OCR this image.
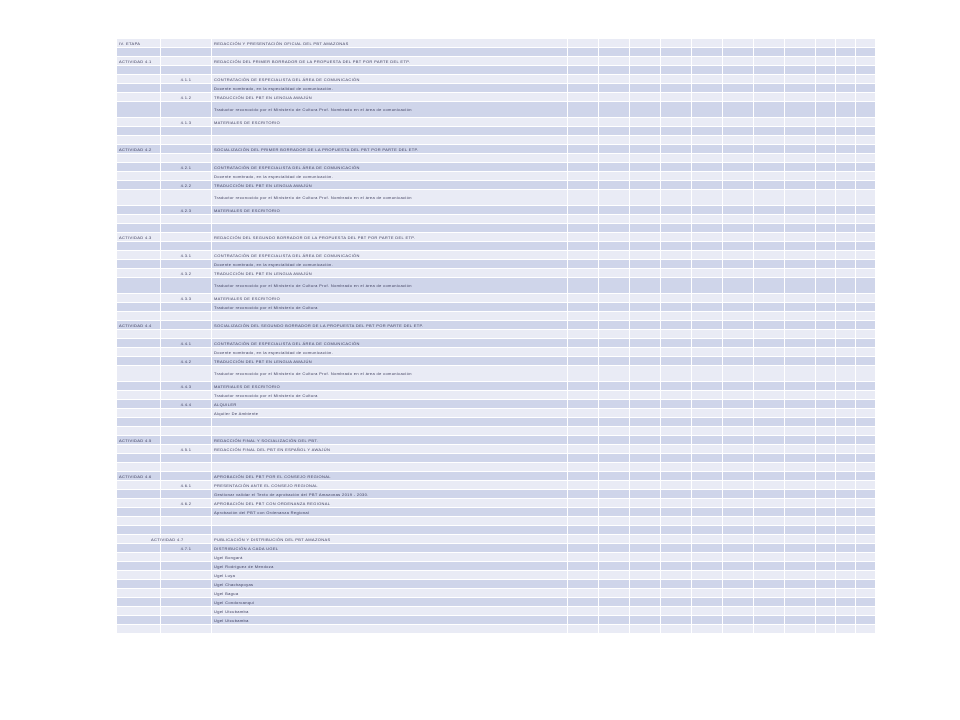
IV. ETAPA		REDACCIÓN Y PRESENTACIÓN OFICIAL DEL PBT AMAZONAS											

ACTIVIDAD 4.1		REDACCIÓN DEL PRIMER BORRADOR DE LA PROPUESTA DEL PBT POR PARTE DEL ETP.											

	4.1.1	CONTRATACIÓN DE ESPECIALISTA DEL ÁREA DE COMUNICACIÓN											
		Docente nombrado, en la especialidad de comunicación.											
	4.1.2	TRADUCCIÓN DEL PBT EN LENGUA AWAJÚN											
		Traductor reconocido por el Ministerio de Cultura Prof. Nombrado en el área de comunicación											
	4.1.3	MATERIALES DE ESCRITORIO											

ACTIVIDAD 4.2		SOCIALIZACIÓN DEL PRIMER BORRADOR DE LA PROPUESTA DEL PBT POR PARTE DEL ETP.											

	4.2.1	CONTRATACIÓN DE ESPECIALISTA DEL ÁREA DE COMUNICACIÓN											
		Docente nombrado, en la especialidad de comunicación.											
	4.2.2	TRADUCCIÓN DEL PBT EN LENGUA AWAJÚN											
		Traductor reconocido por el Ministerio de Cultura Prof. Nombrado en el área de comunicación											
	4.2.3	MATERIALES DE ESCRITORIO											

ACTIVIDAD 4.3		REDACCIÓN DEL SEGUNDO BORRADOR DE LA PROPUESTA DEL PBT POR PARTE DEL ETP.											

	4.3.1	CONTRATACIÓN DE ESPECIALISTA DEL ÁREA DE COMUNICACIÓN											
		Docente nombrado, en la especialidad de comunicación.											
	4.3.2	TRADUCCIÓN DEL PBT EN LENGUA AWAJÚN											
		Traductor reconocido por el Ministerio de Cultura Prof. Nombrado en el área de comunicación											
	4.3.3	MATERIALES DE ESCRITORIO											
		Traductor reconocido por el Ministerio de Cultura											

ACTIVIDAD 4.4		SOCIALIZACIÓN DEL SEGUNDO BORRADOR DE LA PROPUESTA DEL PBT POR PARTE DEL ETP.											

	4.4.1	CONTRATACIÓN DE ESPECIALISTA DEL ÁREA DE COMUNICACIÓN											
		Docente nombrado, en la especialidad de comunicación.											
	4.4.2	TRADUCCIÓN DEL PBT EN LENGUA AWAJÚN											
		Traductor reconocido por el Ministerio de Cultura Prof. Nombrado en el área de comunicación											
	4.4.3	MATERIALES DE ESCRITORIO											
		Traductor reconocido por el Ministerio de Cultura											
	4.4.4	ALQUILER											
		Alquiler De Ambiente											

ACTIVIDAD 4.5		REDACCIÓN FINAL Y SOCIALIZACIÓN DEL PBT.											
	4.5.1	REDACCIÓN FINAL DEL PBT EN ESPAÑOL Y AWAJÚN											

ACTIVIDAD 4.6		APROBACIÓN DEL PBT POR EL CONSEJO REGIONAL											
	4.6.1	PRESENTACIÓN ANTE EL CONSEJO REGIONAL											
		Gestionar validar el Texto de aprobación del PBT Amazonas 2019 - 2030.											
	4.6.2	APROBACIÓN DEL PBT CON ORDENANZA REGIONAL											
		Aprobación del PBT con Ordenanza Regional											

ACTIVIDAD 4.7		PUBLICACIÓN Y DISTRIBUCIÓN DEL PBT AMAZONAS											
	4.7.1	DISTRIBUCIÓN A CADA UGEL											
		Ugel Bongará											
		Ugel Rodríguez de Mendoza											
		Ugel Luya											
		Ugel Chachapoyas											
		Ugel Bagua											
		Ugel Condorcanqui											
		Ugel Utcubamba											
		Ugel Utcubamba											
